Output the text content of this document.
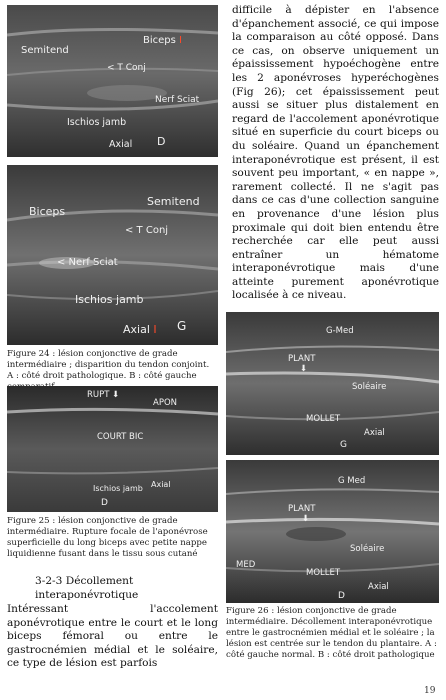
Semitend
Biceps I
< T Conj
Nerf Sciat
Ischios jamb
Axial D
Biceps
Semitend
< T Conj
< Nerf Sciat
Ischios jamb
Axial I G
Figure 24 : lésion conjonctive de grade intermédiaire ; disparition du tendon conjoint. A : côté droit pathologique. B : côté gauche
RUPT ⬇
APON
COURT BIC
Ischios jamb Axial
D
Figure 25 : lésion conjonctive de grade intermédiaire. Rupture focale de l'aponévrose superficielle du long biceps avec petite nappe liquidienne fusant dans le tissu sous cutané
3-2-3 Décollement interaponévrotique

Intéressant l'accolement aponévrotique entre le court et le long biceps fémoral ou entre le gastrocnémien médial et le soléaire, ce type de lésion est parfois

difficile à dépister en l'absence d'épanchement associé, ce qui impose la comparaison au côté opposé. Dans ce cas, on observe uniquement un épaississement hypoéchogène entre les 2 aponévroses hyperéchogènes (Fig 26); cet épaississement peut aussi se situer plus distalement en regard de l'accolement aponévrotique situé en superficie du court biceps ou du soléaire. Quand un épanchement interaponévrotique est présent, il est souvent peu important, « en nappe », rarement collecté. Il ne s'agit pas dans ce cas d'une collection sanguine en provenance d'une lésion plus proximale qui doit bien entendu être recherchée car elle peut aussi entraîner un hématome interaponévrotique mais d'une atteinte purement aponévrotique localisée à ce niveau.

G-Med
PLANT
⬇
Soléaire
MOLLET
Axial
G
G Med
PLANT
⬇
Soléaire
MED
MOLLET
Axial
D
Figure 26 : lésion conjonctive de grade intermédiaire. Décollement interaponévrotique entre le gastrocnémien médial et le soléaire ; la lésion est centrée sur le tendon du plantaire. A : côté gauche normal. B : côté droit pathologique
19
